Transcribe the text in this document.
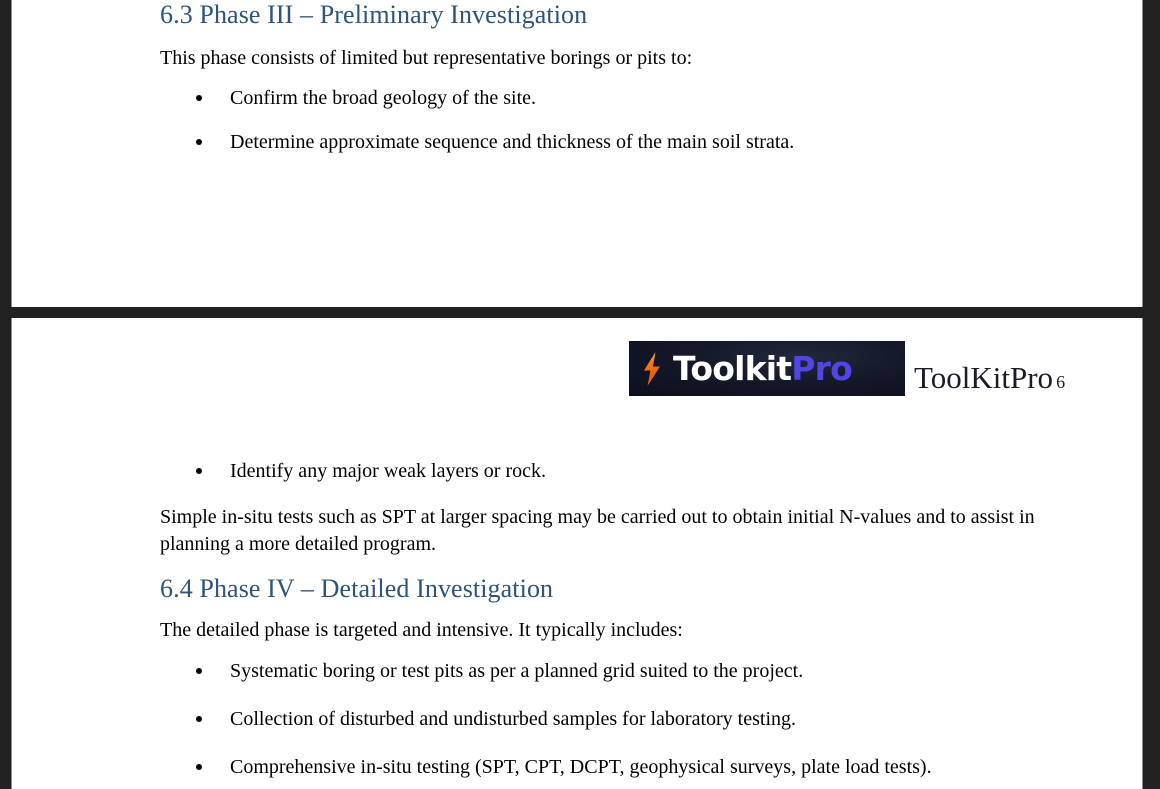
6.3 Phase III – Preliminary Investigation

This phase consists of limited but representative borings or pits to:

Confirm the broad geology of the site.
Determine approximate sequence and thickness of the main soil strata.
ToolkitPro ToolKitPro 6
Identify any major weak layers or rock.

Simple in-situ tests such as SPT at larger spacing may be carried out to obtain initial N-values and to assist in planning a more detailed program.

6.4 Phase IV – Detailed Investigation

The detailed phase is targeted and intensive. It typically includes:

Systematic boring or test pits as per a planned grid suited to the project.
Collection of disturbed and undisturbed samples for laboratory testing.
Comprehensive in-situ testing (SPT, CPT, DCPT, geophysical surveys, plate load tests).
